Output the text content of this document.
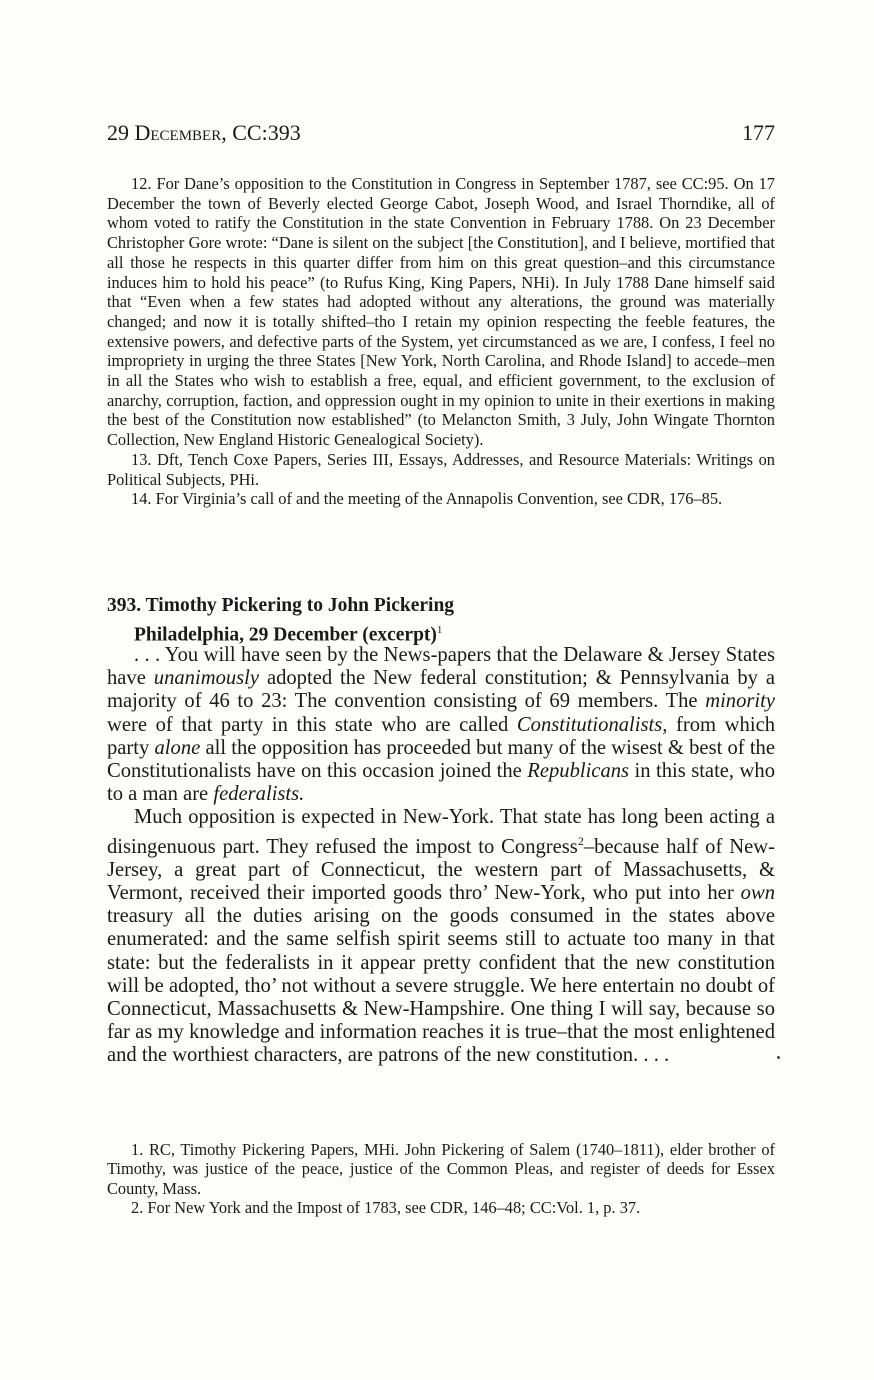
29 December, CC:393	177

12. For Dane’s opposition to the Constitution in Congress in September 1787, see CC:95. On 17 December the town of Beverly elected George Cabot, Joseph Wood, and Israel Thorndike, all of whom voted to ratify the Constitution in the state Convention in February 1788. On 23 December Christopher Gore wrote: “Dane is silent on the subject [the Constitution], and I believe, mortified that all those he respects in this quarter differ from him on this great question–and this circumstance induces him to hold his peace” (to Rufus King, King Papers, NHi). In July 1788 Dane himself said that “Even when a few states had adopted without any alterations, the ground was materially changed; and now it is totally shifted–tho I retain my opinion respecting the feeble features, the extensive powers, and defective parts of the System, yet circumstanced as we are, I confess, I feel no impropriety in urging the three States [New York, North Carolina, and Rhode Island] to accede–men in all the States who wish to establish a free, equal, and efficient government, to the exclusion of anarchy, corruption, faction, and oppression ought in my opinion to unite in their exertions in making the best of the Constitution now established” (to Melancton Smith, 3 July, John Wingate Thornton Collection, New England Historic Genealogical Society).

13. Dft, Tench Coxe Papers, Series III, Essays, Addresses, and Resource Materials: Writings on Political Subjects, PHi.

14. For Virginia’s call of and the meeting of the Annapolis Convention, see CDR, 176–85.

393. Timothy Pickering to John Pickering
Philadelphia, 29 December (excerpt)$^1$

. . . You will have seen by the News-papers that the Delaware & Jersey States have unanimously adopted the New federal constitution; & Pennsylvania by a majority of 46 to 23: The convention consisting of 69 members. The minority were of that party in this state who are called Constitutionalists, from which party alone all the opposition has proceeded but many of the wisest & best of the Constitutionalists have on this occasion joined the Republicans in this state, who to a man are federalists.

Much opposition is expected in New-York. That state has long been acting a disingenuous part. They refused the impost to Congress$^2$–because half of New-Jersey, a great part of Connecticut, the western part of Massachusetts, & Vermont, received their imported goods thro’ New-York, who put into her own treasury all the duties arising on the goods consumed in the states above enumerated: and the same selfish spirit seems still to actuate too many in that state: but the federalists in it appear pretty confident that the new constitution will be adopted, tho’ not without a severe struggle. We here entertain no doubt of Connecticut, Massachusetts & New-Hampshire. One thing I will say, because so far as my knowledge and information reaches it is true–that the most enlightened and the worthiest characters, are patrons of the new constitution. . . .

1. RC, Timothy Pickering Papers, MHi. John Pickering of Salem (1740–1811), elder brother of Timothy, was justice of the peace, justice of the Common Pleas, and register of deeds for Essex County, Mass.

2. For New York and the Impost of 1783, see CDR, 146–48; CC:Vol. 1, p. 37.
